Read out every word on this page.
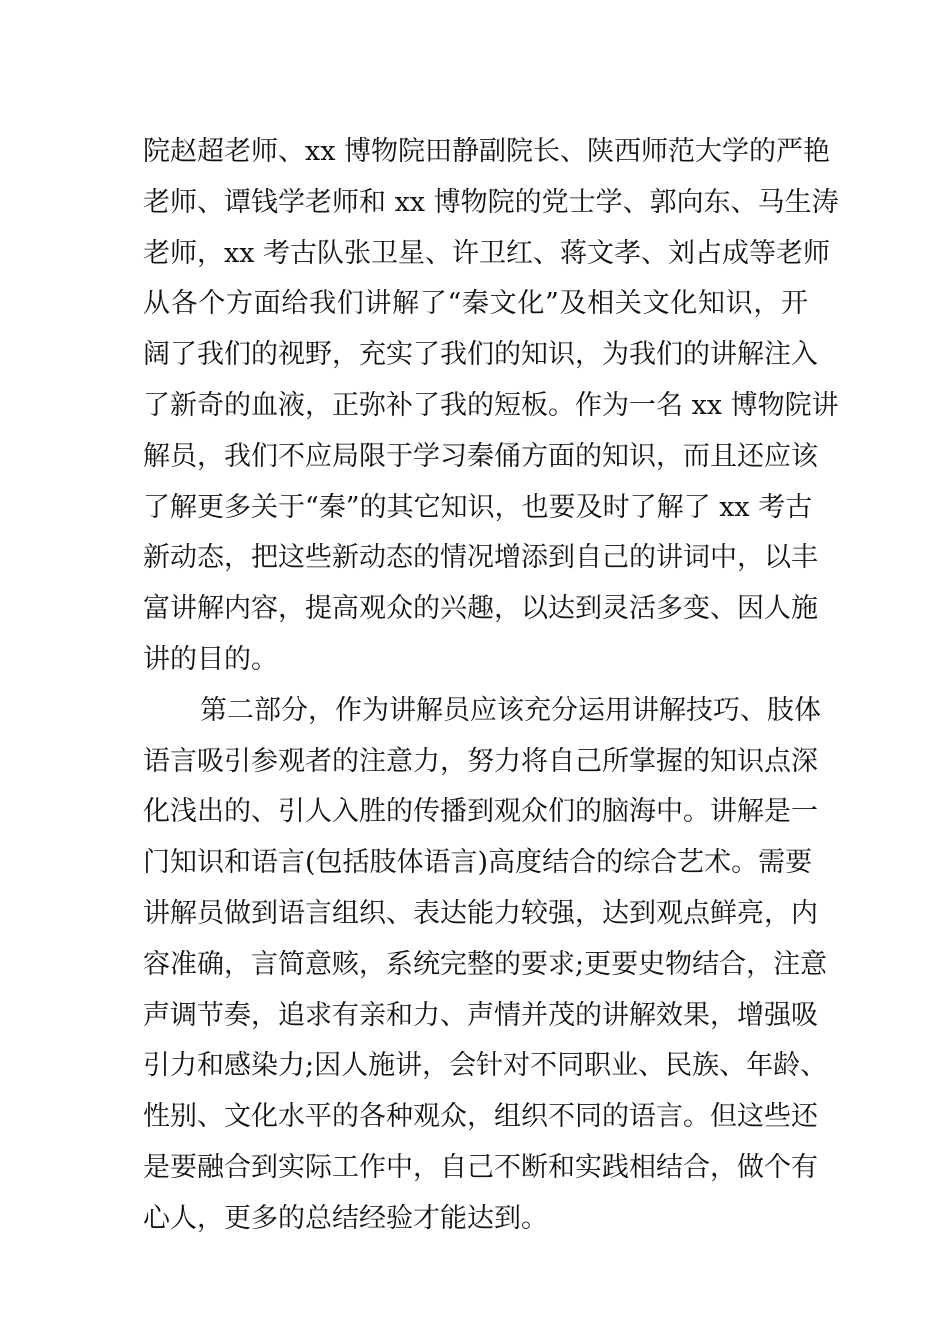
院赵超老师、xx 博物院田静副院长、陕西师范大学的严艳
老师、谭钱学老师和 xx 博物院的党士学、郭向东、马生涛
老师，xx 考古队张卫星、许卫红、蒋文孝、刘占成等老师
从各个方面给我们讲解了“秦文化”及相关文化知识，开
阔了我们的视野，充实了我们的知识，为我们的讲解注入
了新奇的血液，正弥补了我的短板。作为一名 xx 博物院讲
解员，我们不应局限于学习秦俑方面的知识，而且还应该
了解更多关于“秦”的其它知识，也要及时了解了 xx 考古
新动态，把这些新动态的情况增添到自己的讲词中，以丰
富讲解内容，提高观众的兴趣，以达到灵活多变、因人施
讲的目的。
第二部分，作为讲解员应该充分运用讲解技巧、肢体
语言吸引参观者的注意力，努力将自己所掌握的知识点深
化浅出的、引人入胜的传播到观众们的脑海中。讲解是一
门知识和语言(包括肢体语言)高度结合的综合艺术。需要
讲解员做到语言组织、表达能力较强，达到观点鲜亮，内
容准确，言简意赅，系统完整的要求;更要史物结合，注意
声调节奏，追求有亲和力、声情并茂的讲解效果，增强吸
引力和感染力;因人施讲，会针对不同职业、民族、年龄、
性别、文化水平的各种观众，组织不同的语言。但这些还
是要融合到实际工作中，自己不断和实践相结合，做个有
心人，更多的总结经验才能达到。
